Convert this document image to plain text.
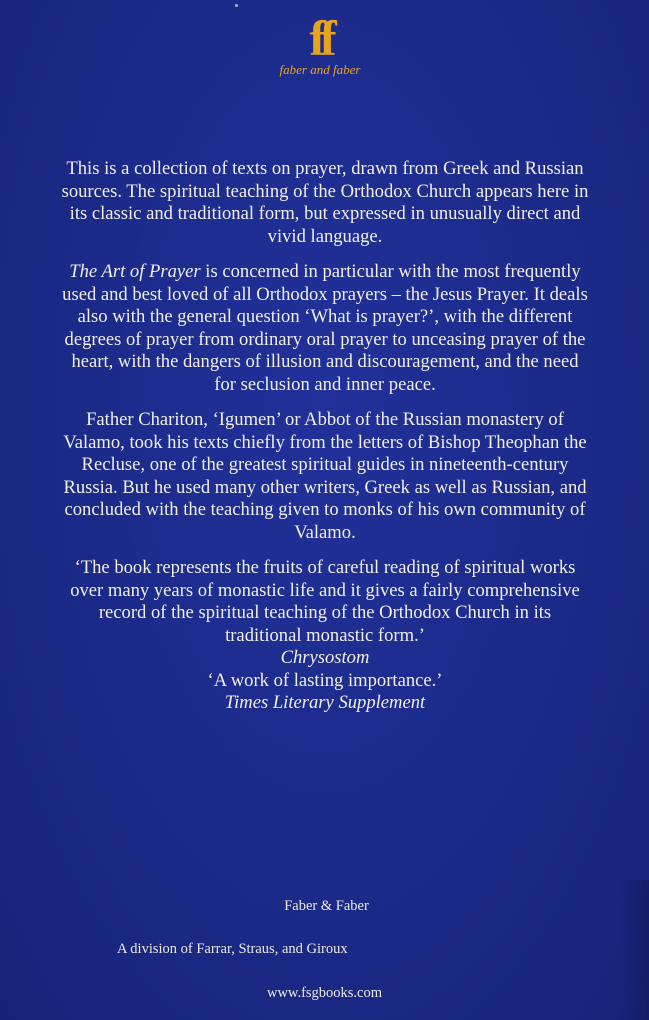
ff
faber and faber

This is a collection of texts on prayer, drawn from Greek and Russian sources. The spiritual teaching of the Orthodox Church appears here in its classic and traditional form, but expressed in unusually direct and vivid language.

The Art of Prayer is concerned in particular with the most frequently used and best loved of all Orthodox prayers – the Jesus Prayer. It deals also with the general question ‘What is prayer?’, with the different degrees of prayer from ordinary oral prayer to unceasing prayer of the heart, with the dangers of illusion and discouragement, and the need for seclusion and inner peace.

Father Chariton, ‘Igumen’ or Abbot of the Russian monastery of Valamo, took his texts chiefly from the letters of Bishop Theophan the Recluse, one of the greatest spiritual guides in nineteenth-century Russia. But he used many other writers, Greek as well as Russian, and concluded with the teaching given to monks of his own community of Valamo.

‘The book represents the fruits of careful reading of spiritual works over many years of monastic life and it gives a fairly comprehensive record of the spiritual teaching of the Orthodox Church in its traditional monastic form.’
Chrysostom
‘A work of lasting importance.’
Times Literary Supplement
Faber & Faber
A division of Farrar, Straus, and Giroux
www.fsgbooks.com
